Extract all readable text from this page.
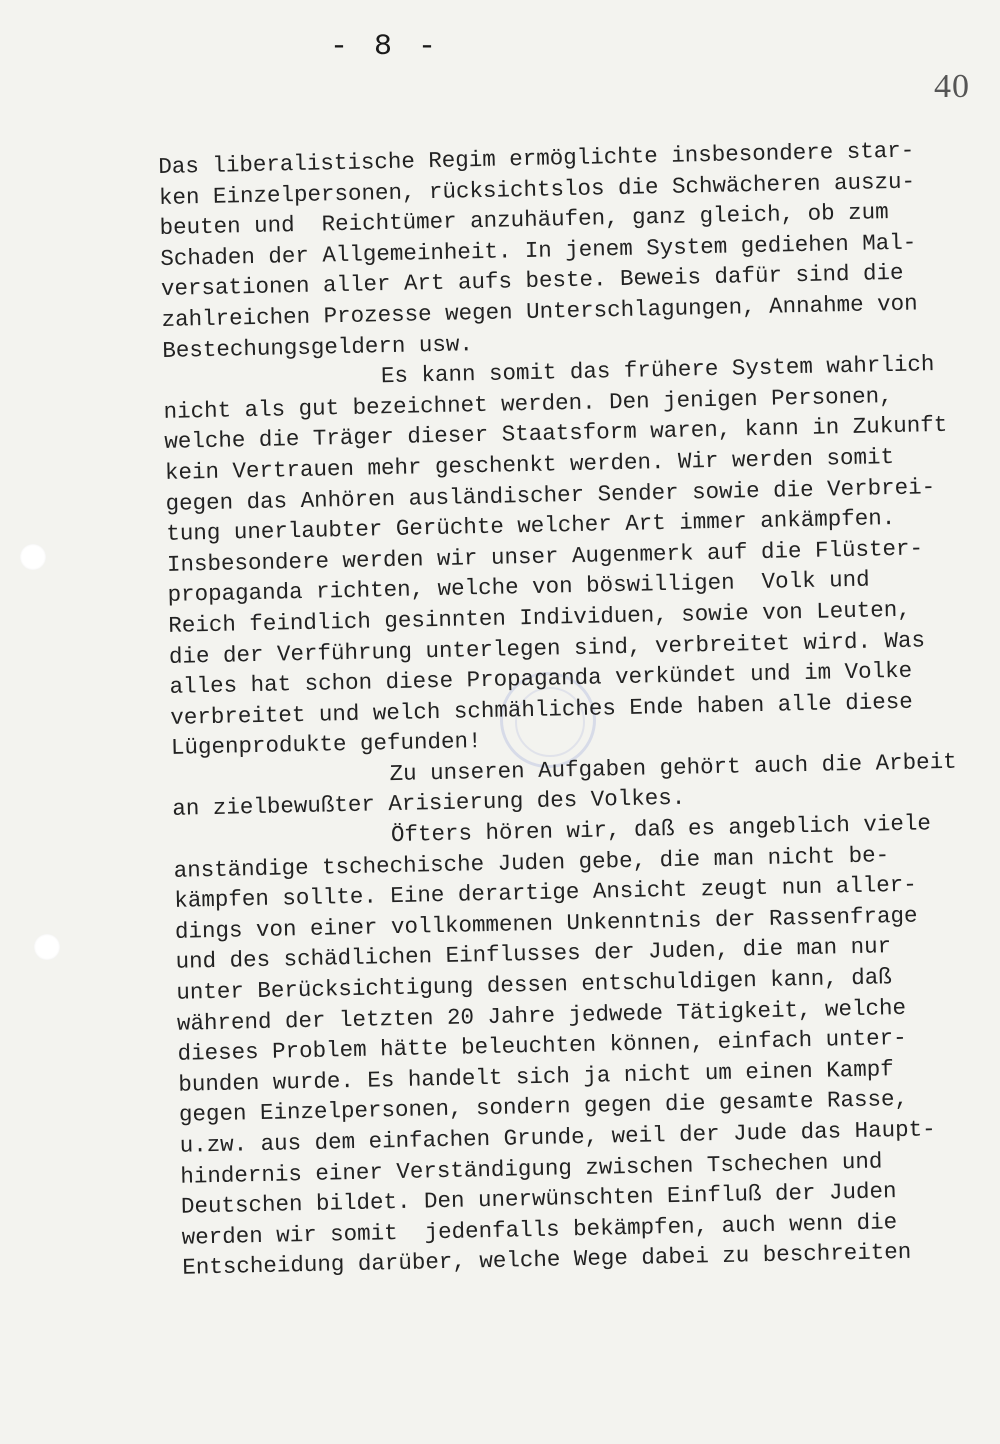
- 8 -
40
Das liberalistische Regim ermöglichte insbesondere star-
ken Einzelpersonen, rücksichtslos die Schwächeren auszu-
beuten und  Reichtümer anzuhäufen, ganz gleich, ob zum
Schaden der Allgemeinheit. In jenem System gediehen Mal-
versationen aller Art aufs beste. Beweis dafür sind die
zahlreichen Prozesse wegen Unterschlagungen, Annahme von
Bestechungsgeldern usw.
Es kann somit das frühere System wahrlich
nicht als gut bezeichnet werden. Den jenigen Personen,
welche die Träger dieser Staatsform waren, kann in Zukunft
kein Vertrauen mehr geschenkt werden. Wir werden somit
gegen das Anhören ausländischer Sender sowie die Verbrei-
tung unerlaubter Gerüchte welcher Art immer ankämpfen.
Insbesondere werden wir unser Augenmerk auf die Flüster-
propaganda richten, welche von böswilligen  Volk und
Reich feindlich gesinnten Individuen, sowie von Leuten,
die der Verführung unterlegen sind, verbreitet wird. Was
alles hat schon diese Propaganda verkündet und im Volke
verbreitet und welch schmähliches Ende haben alle diese
Lügenprodukte gefunden!
Zu unseren Aufgaben gehört auch die Arbeit
an zielbewußter Arisierung des Volkes.
Öfters hören wir, daß es angeblich viele
anständige tschechische Juden gebe, die man nicht be-
kämpfen sollte. Eine derartige Ansicht zeugt nun aller-
dings von einer vollkommenen Unkenntnis der Rassenfrage
und des schädlichen Einflusses der Juden, die man nur
unter Berücksichtigung dessen entschuldigen kann, daß
während der letzten 20 Jahre jedwede Tätigkeit, welche
dieses Problem hätte beleuchten können, einfach unter-
bunden wurde. Es handelt sich ja nicht um einen Kampf
gegen Einzelpersonen, sondern gegen die gesamte Rasse,
u.zw. aus dem einfachen Grunde, weil der Jude das Haupt-
hindernis einer Verständigung zwischen Tschechen und
Deutschen bildet. Den unerwünschten Einfluß der Juden
werden wir somit  jedenfalls bekämpfen, auch wenn die
Entscheidung darüber, welche Wege dabei zu beschreiten
